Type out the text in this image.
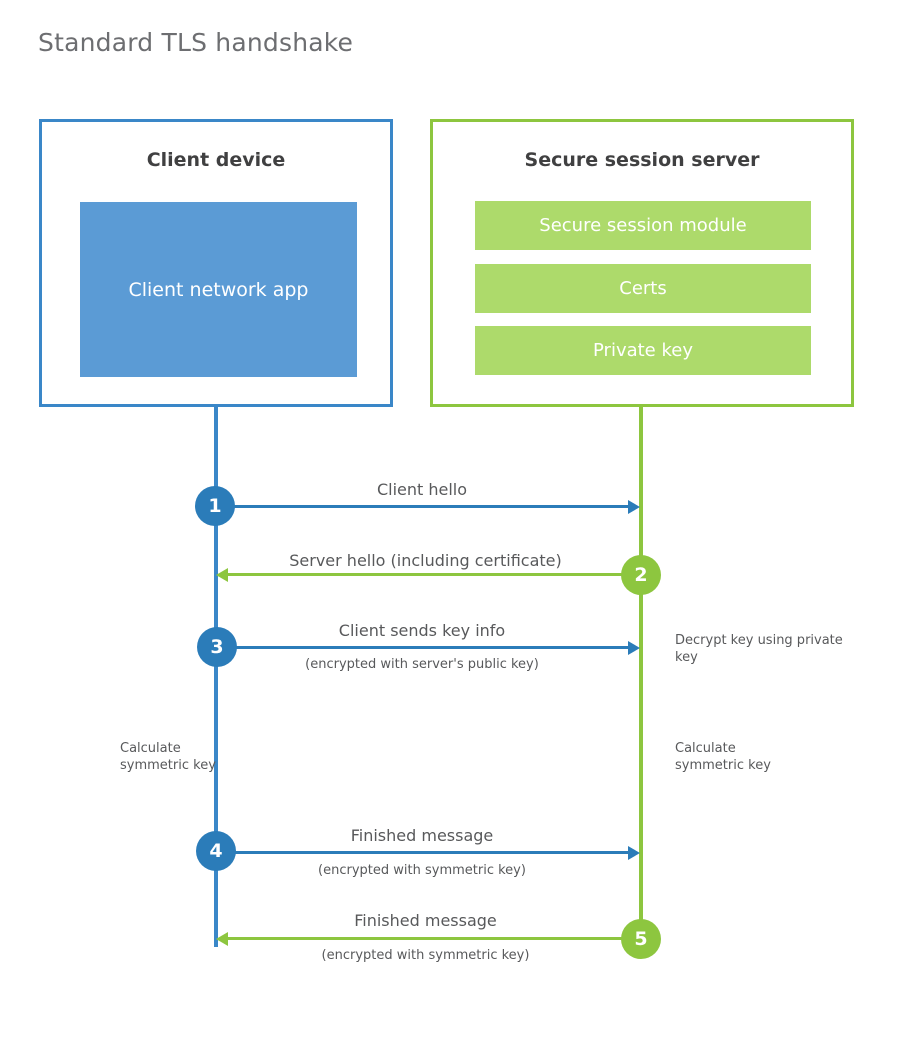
Standard TLS handshake
Client device
Client network app
Secure session server
Secure session module
Certs
Private key
Client hello
1
Server hello (including certificate)
2
Client sends key info
(encrypted with server's public key)
3	Decrypt key using private key
Calculate symmetric key
Calculate symmetric key
Finished message
(encrypted with symmetric key)
4
Finished message
(encrypted with symmetric key)
5
